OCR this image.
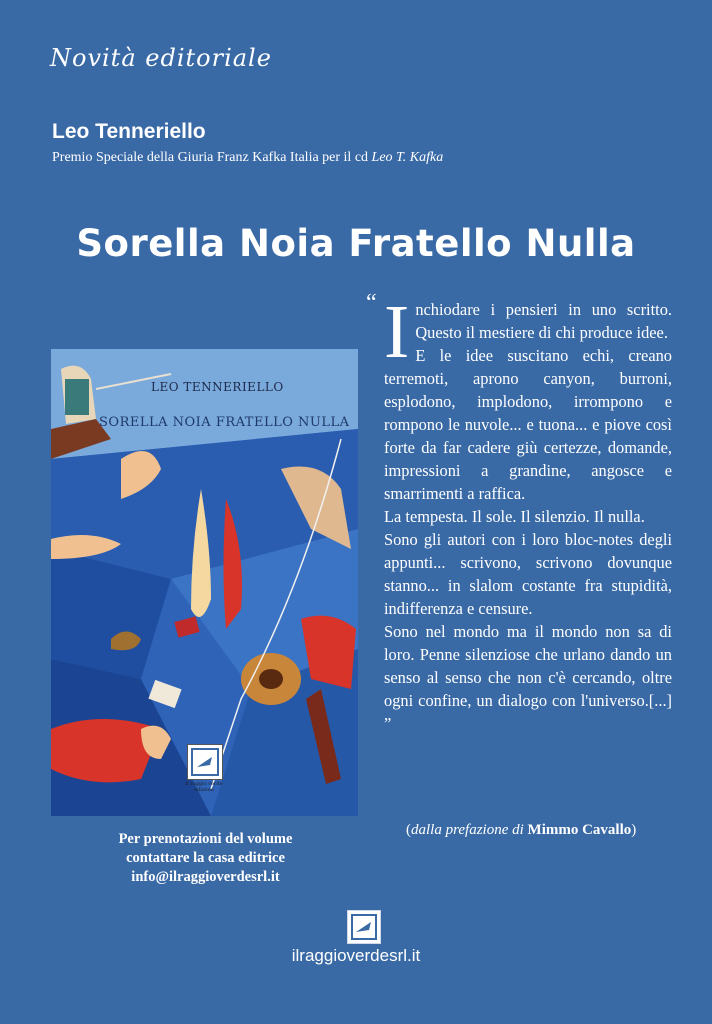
Novità editoriale
Leo Tenneriello
Premio Speciale della Giuria Franz Kafka Italia per il cd Leo T. Kafka
Sorella Noia Fratello Nulla
LEO TENNERIELLO
SORELLA NOIA FRATELLO NULLA
il raggio verde edizioni
“ Inchiodare i pensieri in uno scritto. Questo il mestiere di chi produce idee.

E le idee suscitano echi, creano terremoti, aprono canyon, burroni, esplodono, implodono, irrompono e rompono le nuvole... e tuona... e piove così forte da far cadere giù certezze, domande, impressioni a grandine, angosce e smarrimenti a raffica.

La tempesta. Il sole. Il silenzio. Il nulla.

Sono gli autori con i loro bloc-notes degli appunti... scrivono, scrivono dovunque stanno... in slalom costante fra stupidità, indifferenza e censure.

Sono nel mondo ma il mondo non sa di loro. Penne silenziose che urlano dando un senso al senso che non c'è cercando, oltre ogni confine, un dialogo con l'universo.[...] ”

(dalla prefazione di Mimmo Cavallo)
Per prenotazioni del volume
contattare la casa editrice
info@ilraggioverdesrl.it
ilraggioverdesrl.it
